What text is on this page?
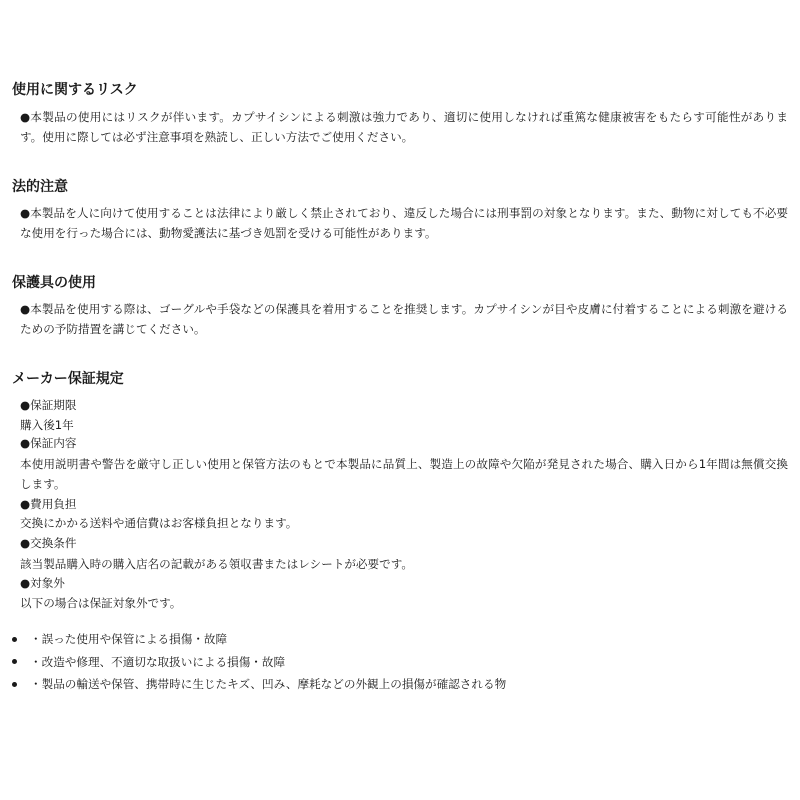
使用に関するリスク
●本製品の使用にはリスクが伴います。カプサイシンによる刺激は強力であり、適切に使用しなければ重篤な健康被害をもたらす可能性があります。使用に際しては必ず注意事項を熟読し、正しい方法でご使用ください。
法的注意
●本製品を人に向けて使用することは法律により厳しく禁止されており、違反した場合には刑事罰の対象となります。また、動物に対しても不必要な使用を行った場合には、動物愛護法に基づき処罰を受ける可能性があります。
保護具の使用
●本製品を使用する際は、ゴーグルや手袋などの保護具を着用することを推奨します。カプサイシンが目や皮膚に付着することによる刺激を避けるための予防措置を講じてください。
メーカー保証規定
●保証期限
購入後1年
●保証内容
本使用説明書や警告を厳守し正しい使用と保管方法のもとで本製品に品質上、製造上の故障や欠陥が発見された場合、購入日から1年間は無償交換します。
●費用負担
交換にかかる送料や通信費はお客様負担となります。
●交換条件
該当製品購入時の購入店名の記載がある領収書またはレシートが必要です。
●対象外
以下の場合は保証対象外です。
・誤った使用や保管による損傷・故障
・改造や修理、不適切な取扱いによる損傷・故障
・製品の輸送や保管、携帯時に生じたキズ、凹み、摩耗などの外観上の損傷が確認される物
